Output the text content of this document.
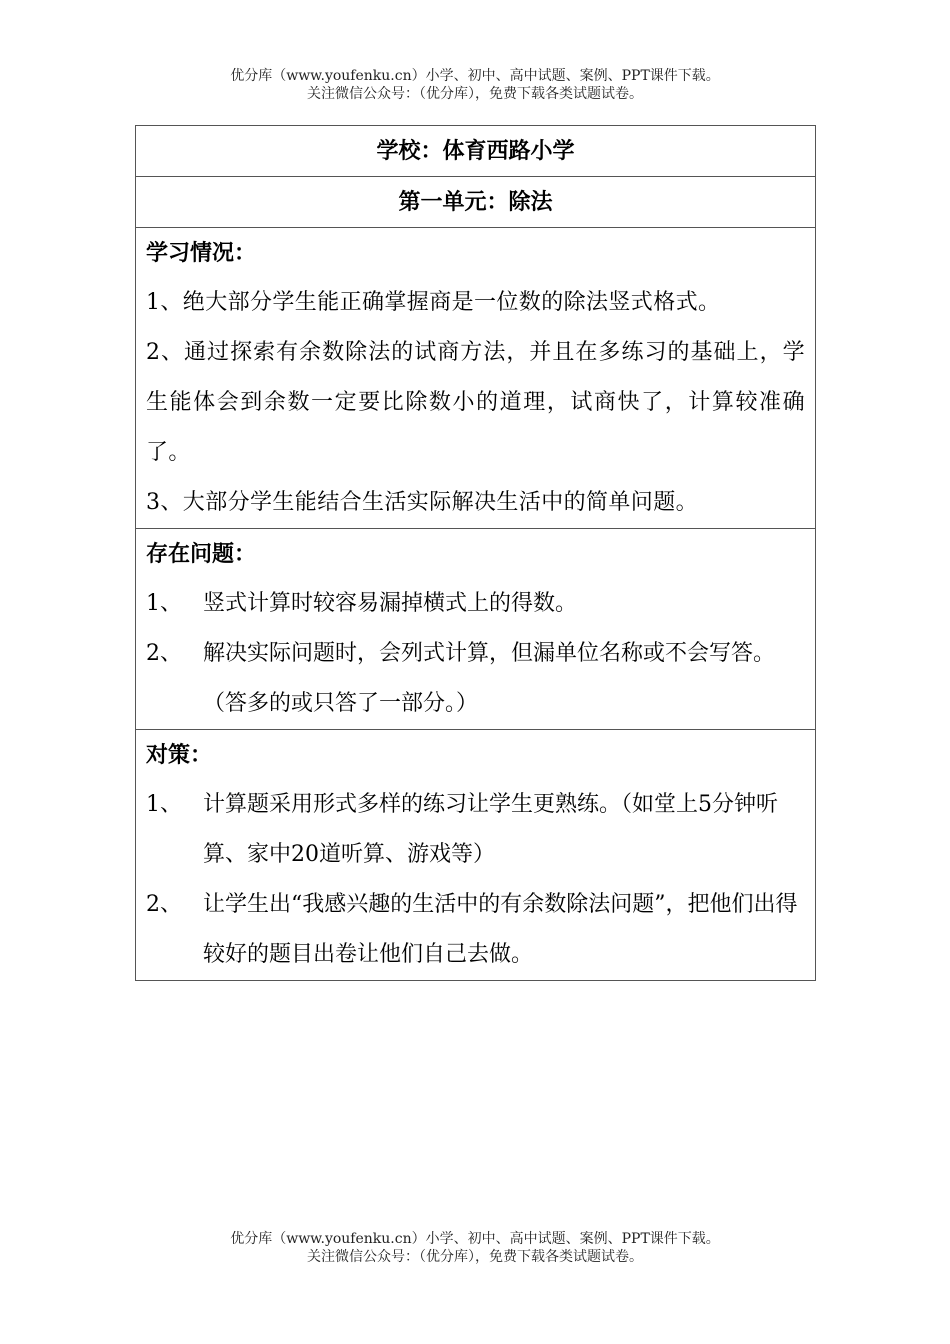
优分库（www.youfenku.cn）小学、初中、高中试题、案例、PPT课件下载。
关注微信公众号：（优分库），免费下载各类试题试卷。
学校：体育西路小学
第一单元：除法

学习情况：
1、绝大部分学生能正确掌握商是一位数的除法竖式格式。
2、通过探索有余数除法的试商方法，并且在多练习的基础上，学生能体会到余数一定要比除数小的道理，试商快了，计算较准确了。
3、大部分学生能结合生活实际解决生活中的简单问题。

存在问题：
1、 竖式计算时较容易漏掉横式上的得数。
2、 解决实际问题时，会列式计算，但漏单位名称或不会写答。（答多的或只答了一部分。）

对策：
1、 计算题采用形式多样的练习让学生更熟练。（如堂上5分钟听算、家中20道听算、游戏等）
2、 让学生出“我感兴趣的生活中的有余数除法问题”，把他们出得较好的题目出卷让他们自己去做。
优分库（www.youfenku.cn）小学、初中、高中试题、案例、PPT课件下载。
关注微信公众号：（优分库），免费下载各类试题试卷。
